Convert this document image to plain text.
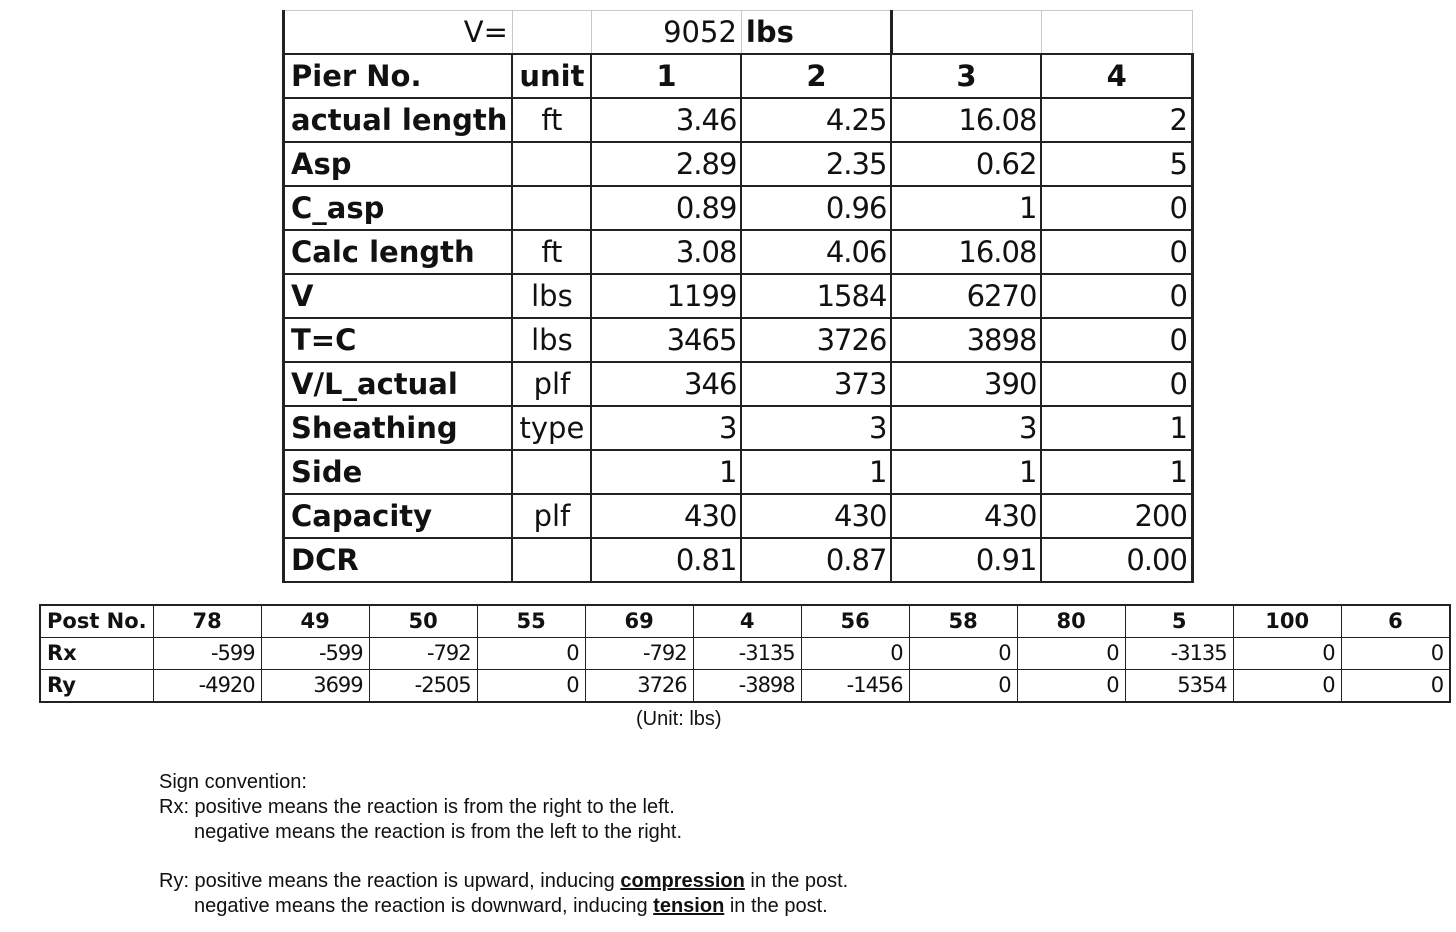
V=		9052	lbs		
Pier No.	unit	1	2	3	4
actual length	ft	3.46	4.25	16.08	2
Asp		2.89	2.35	0.62	5
C_asp		0.89	0.96	1	0
Calc length	ft	3.08	4.06	16.08	0
V	lbs	1199	1584	6270	0
T=C	lbs	3465	3726	3898	0
V/L_actual	plf	346	373	390	0
Sheathing	type	3	3	3	1
Side		1	1	1	1
Capacity	plf	430	430	430	200
DCR		0.81	0.87	0.91	0.00
Post No.	78	49	50	55	69	4	56	58	80	5	100	6
Rx	-599	-599	-792	0	-792	-3135	0	0	0	-3135	0	0
Ry	-4920	3699	-2505	0	3726	-3898	-1456	0	0	5354	0	0
(Unit: lbs)
Sign convention:
Rx: positive means the reaction is from the right to the left.
negative means the reaction is from the left to the right.
Ry: positive means the reaction is upward, inducing compression in the post.
negative means the reaction is downward, inducing tension in the post.
